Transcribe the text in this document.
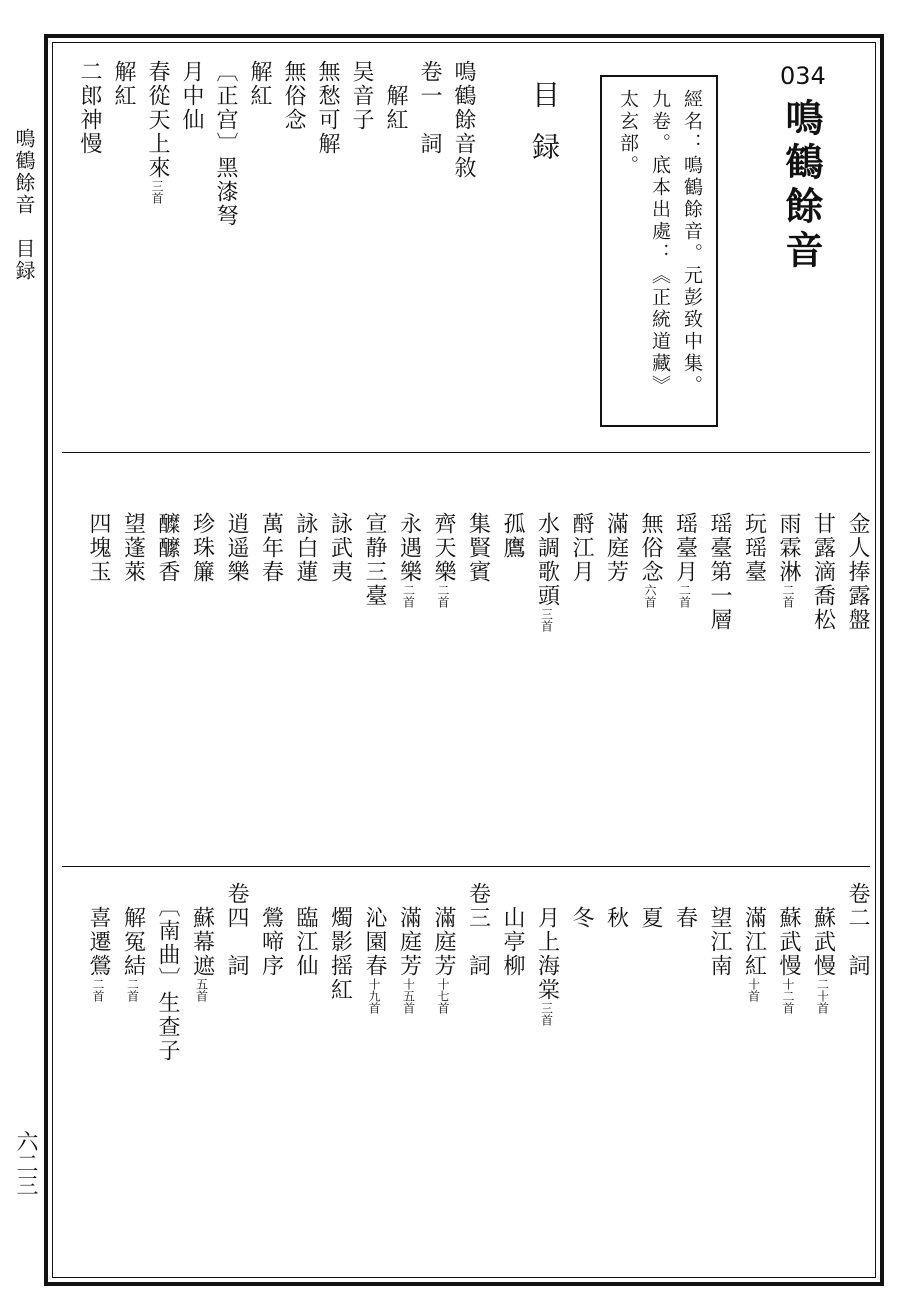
鳴鶴餘音　目録
六二三
034
鳴鶴餘音
經名：鳴鶴餘音。元彭致中集。
九卷。底本出處：《正統道藏》
太玄部。
目録
鳴鶴餘音敘
卷一　詞
　解紅
吴音子
無愁可解
無俗念
解紅
〔正宫〕黑漆弩
月中仙
春從天上來三首
解紅
二郎神慢
金人捧露盤
甘露滴喬松
雨霖淋二首
玩瑶臺
瑶臺第一層
瑶臺月二首
無俗念六首
滿庭芳
酹江月
水調歌頭三首
孤鷹
集賢賓
齊天樂二首
永遇樂二首
宣静三臺
詠武夷
詠白蓮
萬年春
逍遥樂
珍珠簾
醾醿香
望蓬萊
四塊玉
卷二　詞
　蘇武慢二十首
　蘇武慢十二首
　滿江紅十首
　望江南
　春
　夏
　秋
　冬
　月上海棠三首
　山亭柳
卷三　詞
　滿庭芳十七首
　滿庭芳十五首
　沁園春十九首
　燭影摇紅
　臨江仙
　鶯啼序
卷四　詞
　蘇幕遮五首
　〔南曲〕生查子
　解冤結二首
　喜遷鶯二首
